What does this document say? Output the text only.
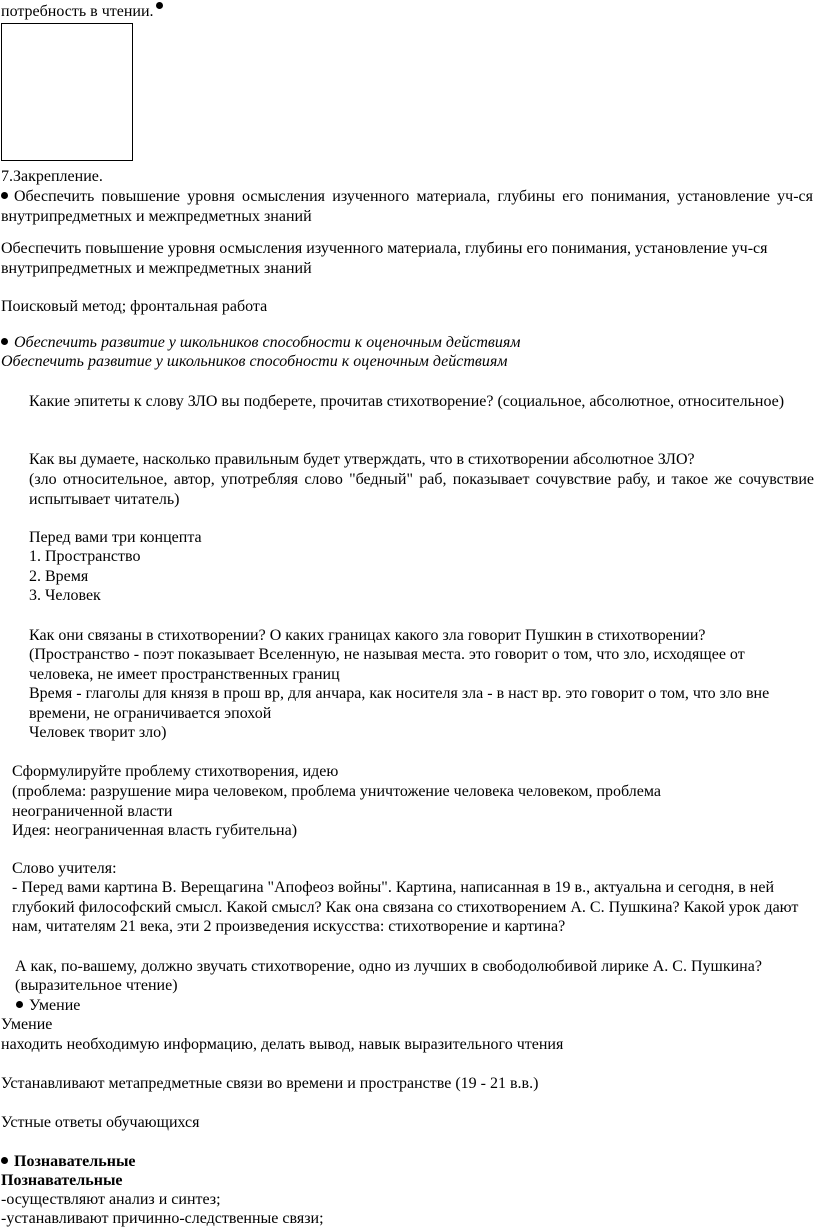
потребность в чтении.
7.Закрепление.
Обеспечить повышение уровня осмысления изученного материала, глубины его понимания, установление уч-ся внутрипредметных и межпредметных знаний
Обеспечить повышение уровня осмысления изученного материала, глубины его понимания, установление уч-ся внутрипредметных и межпредметных знаний
Поисковый метод; фронтальная работа
Обеспечить развитие у школьников способности к оценочным действиям
Обеспечить развитие у школьников способности к оценочным действиям
Какие эпитеты к слову ЗЛО вы подберете, прочитав стихотворение? (социальное, абсолютное, относительное)
Как вы думаете, насколько правильным будет утверждать, что в стихотворении абсолютное ЗЛО?
(зло относительное, автор, употребляя слово "бедный" раб, показывает сочувствие рабу, и такое же сочувствие испытывает читатель)
Перед вами три концепта
1. Пространство
2. Время
3. Человек
Как они связаны в стихотворении? О каких границах какого зла говорит Пушкин в стихотворении?
(Пространство - поэт показывает Вселенную, не называя места. это говорит о том, что зло, исходящее от человека, не имеет пространственных границ
Время - глаголы для князя в прош вр, для анчара, как носителя зла - в наст вр. это говорит о том, что зло вне времени, не ограничивается эпохой
Человек творит зло)
Сформулируйте проблему стихотворения, идею
(проблема: разрушение мира человеком, проблема уничтожение человека человеком, проблема неограниченной власти
Идея: неограниченная власть губительна)
Слово учителя:
- Перед вами картина В. Верещагина "Апофеоз войны". Картина, написанная в 19 в., актуальна и сегодня, в ней глубокий философский смысл. Какой смысл? Как она связана со стихотворением А. С. Пушкина? Какой урок дают нам, читателям 21 века, эти 2 произведения искусства: стихотворение и картина?
А как, по-вашему, должно звучать стихотворение, одно из лучших в свободолюбивой лирике А. С. Пушкина?
(выразительное чтение)
Умение
Умение
находить необходимую информацию, делать вывод, навык выразительного чтения
Устанавливают метапредметные связи во времени и пространстве (19 - 21 в.в.)
Устные ответы обучающихся
Познавательные
Познавательные
-осуществляют анализ и синтез;
-устанавливают причинно-следственные связи;
